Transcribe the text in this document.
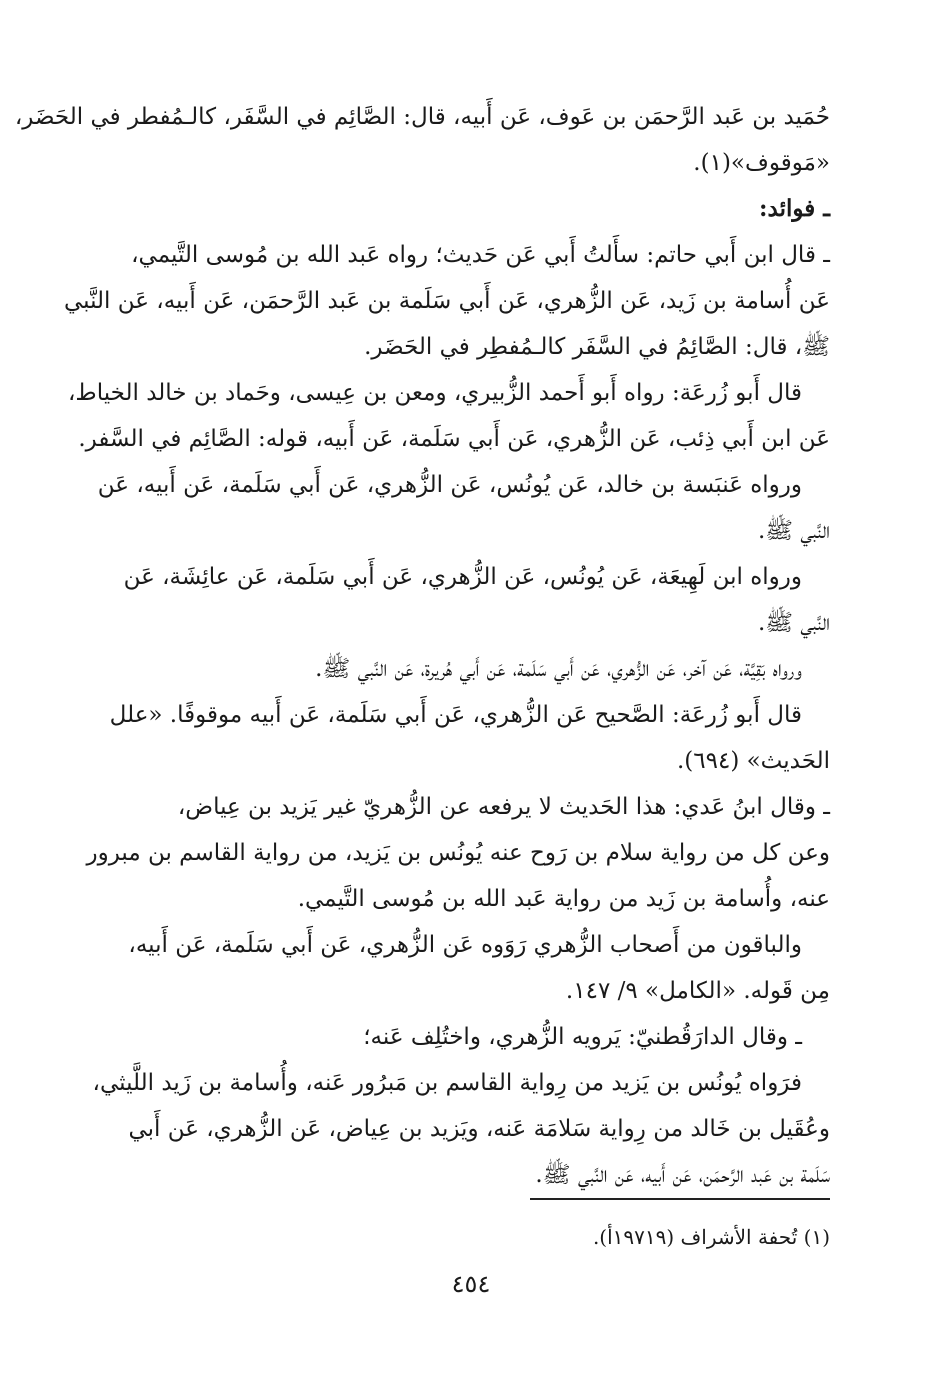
حُمَيد بن عَبد الرَّحمَن بن عَوف، عَن أَبيه، قال: الصَّائِم في السَّفَر، كالـمُفطر في الحَضَر،
«مَوقوف»(١).
ـ فوائد:
ـ قال ابن أَبي حاتم: سأَلتُ أَبي عَن حَديث؛ رواه عَبد الله بن مُوسى التَّيمي،
عَن أُسامة بن زَيد، عَن الزُّهري، عَن أَبي سَلَمة بن عَبد الرَّحمَن، عَن أَبيه، عَن النَّبي
ﷺ، قال: الصَّائِمُ في السَّفَر كالـمُفطِر في الحَضَر.
قال أَبو زُرعَة: رواه أَبو أَحمد الزُّبيري، ومعن بن عِيسى، وحَماد بن خالد الخياط،
عَن ابن أَبي ذِئب، عَن الزُّهري، عَن أَبي سَلَمة، عَن أَبيه، قوله: الصَّائِم في السَّفر.
ورواه عَنبَسة بن خالد، عَن يُونُس، عَن الزُّهري، عَن أَبي سَلَمة، عَن أَبيه، عَن
النَّبي ﷺ.
ورواه ابن لَهِيعَة، عَن يُونُس، عَن الزُّهري، عَن أَبي سَلَمة، عَن عائِشَة، عَن
النَّبي ﷺ.
ورواه بَقِيَّة، عَن آخر، عَن الزُّهري، عَن أَبي سَلَمة، عَن أَبي هُريرة، عَن النَّبي ﷺ.
قال أَبو زُرعَة: الصَّحيح عَن الزُّهري، عَن أَبي سَلَمة، عَن أَبيه موقوفًا. «علل
الحَديث» (٦٩٤).
ـ وقال ابنُ عَدي: هذا الحَديث لا يرفعه عن الزُّهريّ غير يَزيد بن عِياض،
وعن كل من رواية سلام بن رَوح عنه يُونُس بن يَزيد، من رواية القاسم بن مبرور
عنه، وأُسامة بن زَيد من رواية عَبد الله بن مُوسى التَّيمي.
والباقون من أَصحاب الزُّهري رَوَوه عَن الزُّهري، عَن أَبي سَلَمة، عَن أَبيه،
مِن قَوله. «الكامل» ٩/ ١٤٧.
ـ وقال الدارَقُطنيّ: يَرويه الزُّهري، واختُلِف عَنه؛
فرَواه يُونُس بن يَزيد من رِواية القاسم بن مَبرُور عَنه، وأُسامة بن زَيد اللَّيثي،
وعُقَيل بن خَالد من رِواية سَلامَة عَنه، ويَزيد بن عِياض، عَن الزُّهري، عَن أَبي
سَلَمة بن عَبد الرَّحمَن، عَن أَبيه، عَن النَّبي ﷺ.
(١) تُحفة الأشراف (١٩٧١٩أ).
٤٥٤
